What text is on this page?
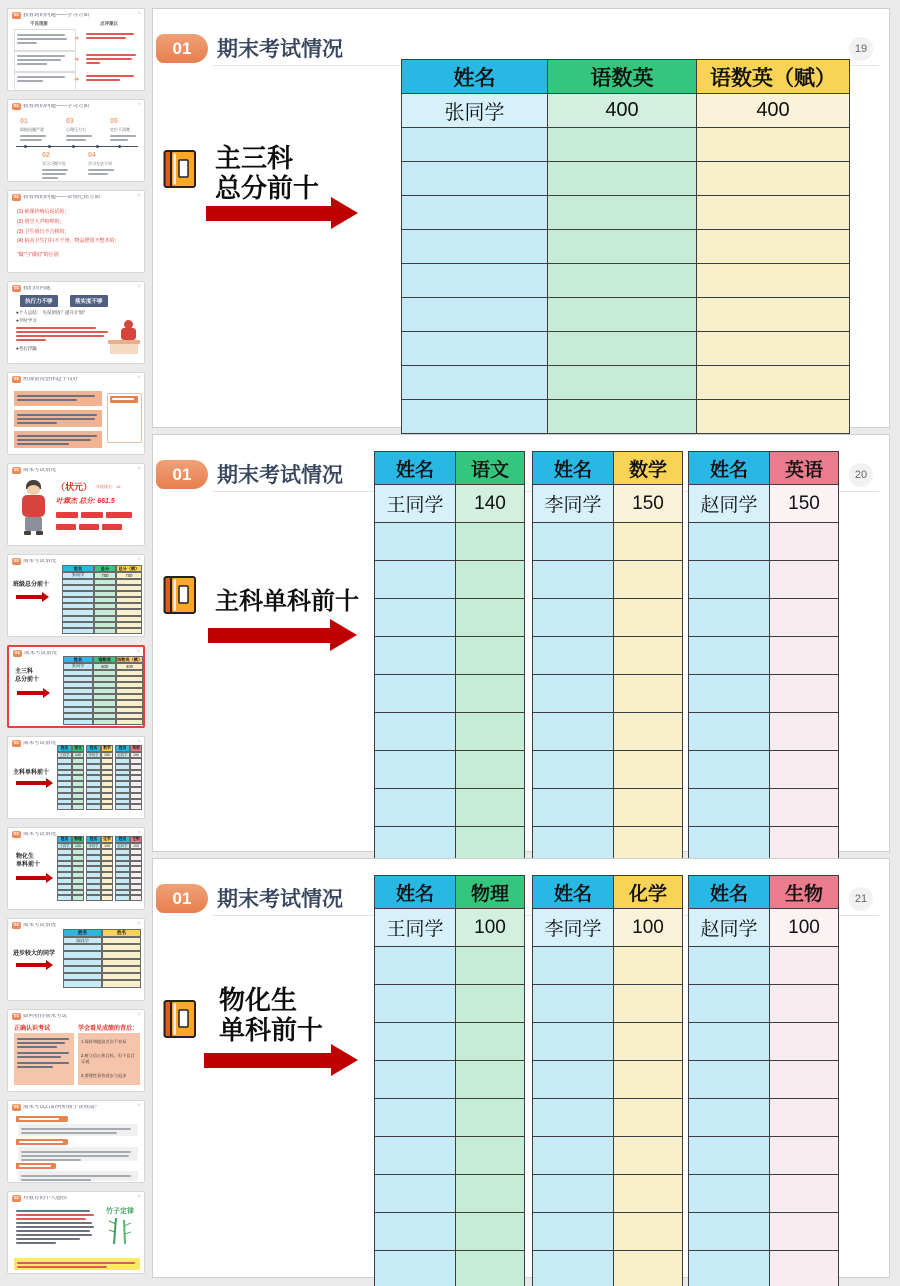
01 我看到的问题——学习方面	×
不良现象	点评建议
➜
➜
➜
01 我看到的问题——学习方面	×
01
烦恼问题严重
03
心理压力大
05
定位不清楚
02
学习习惯不好
04
学习方法不对
01 我看到的问题——常规纪律方面	×
(1) 候课铃响后说话的;
(2) 班空大声喧哗的;
(3) 卫生值日不合格的;
(4) 宿舍卫生打扫不干净、物品摆放不整齐的;
“做”与“做好”的区别
01 我们的问题	×
执行力不够	落实度不够
●个人总结： 失误原因？提升计划？
●平时学习
●考后浮躁
01 班级情况整体趋于良好	×
01 期末考试情况	×
（状元） 年级排名：16
叶霖杰 总分: 661.5
01 期末考试情况	×
班级总分前十
姓名	总分	总分（赋）
张同学	700	700
01 期末考试情况	×
主三科
总分前十
姓名	语数英	语数英（赋）
张同学	400	400
01 期末考试情况	×
主科单科前十
姓名	语文
王同学	140
姓名	数学
李同学	150
姓名	英语
赵同学	150
01 期末考试情况	×
物化生
单科前十
姓名	物理
王同学	100
姓名	化学
李同学	100
姓名	生物
赵同学	100
01 期末考试情况	×
进步较大的同学
姓名	姓名
陈同学
01 如何看待期末考试	×
正确认识考试	学会看见成绩的背后：
1.保持和提高名次不容易
2.树立信心和目标，但不盲目乐观
3.要理性看待进步与退步
01 期末考试后如何和孩子谈成绩？	×
01 对教育的个人感悟	×
竹子定律
01	期末考试情况	19
主三科
总分前十
姓名	语数英	语数英（赋）
张同学	400	400

01	期末考试情况	20
主科单科前十
姓名	语文
王同学	140

姓名	数学
李同学	150

姓名	英语
赵同学	150

01	期末考试情况	21
物化生
单科前十
姓名	物理
王同学	100

姓名	化学
李同学	100

姓名	生物
赵同学	100
